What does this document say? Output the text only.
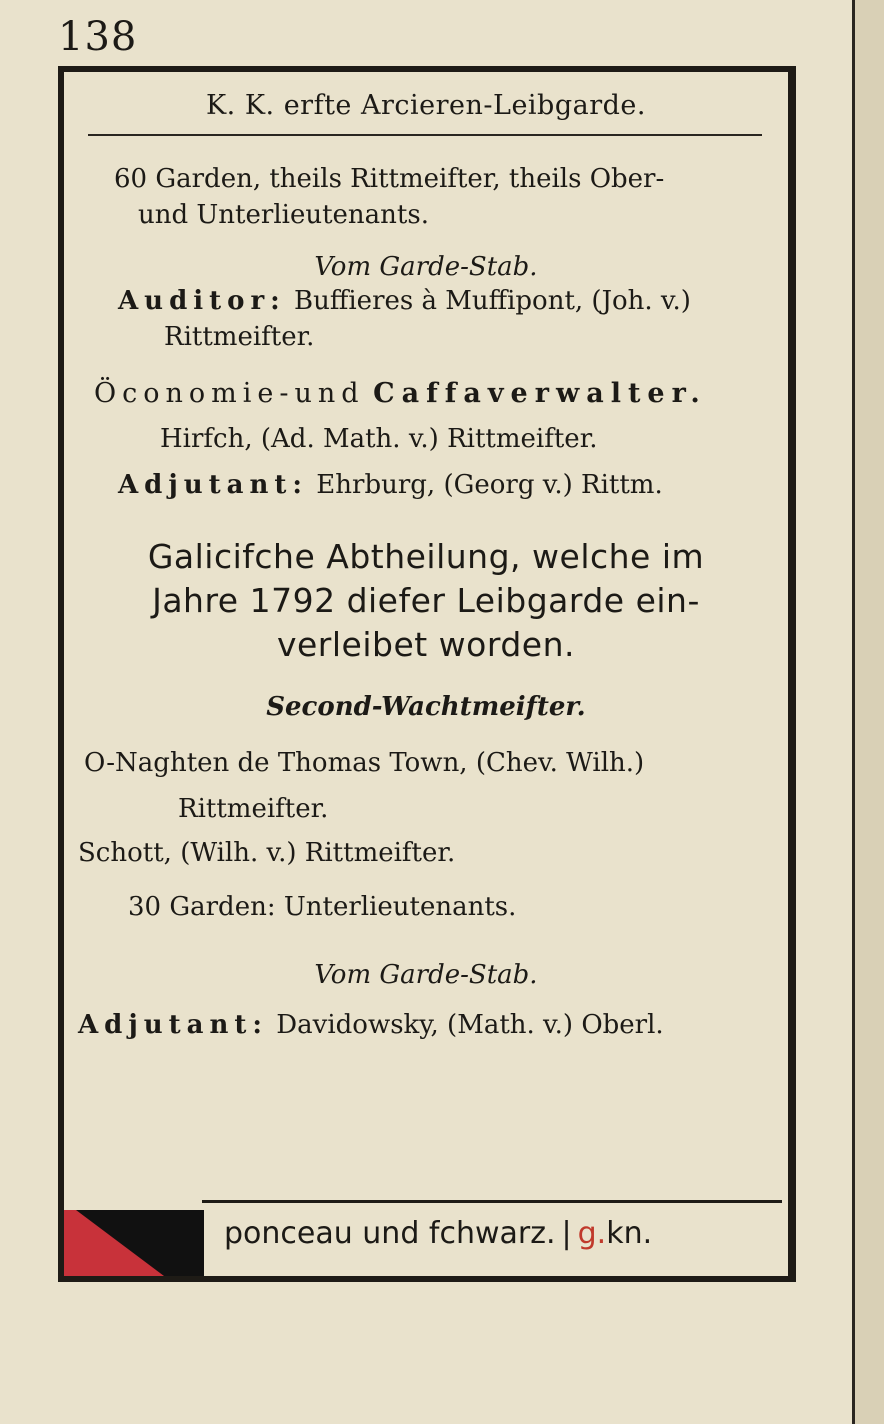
138
K. K. erfte Arcieren-Leibgarde.
60 Garden, theils Rittmeifter, theils Ober-
und Unterlieutenants.
Vom Garde-Stab.
Auditor: Buffieres à Muffipont, (Joh. v.)
Rittmeifter.
Öconomie-und Caffaverwalter.
Hirfch, (Ad. Math. v.) Rittmeifter.
Adjutant: Ehrburg, (Georg v.) Rittm.
Galicifche Abtheilung, welche im
Jahre 1792 diefer Leibgarde ein-
verleibet worden.
Second-Wachtmeifter.
O-Naghten de Thomas Town, (Chev. Wilh.)
Rittmeifter.
Schott, (Wilh. v.) Rittmeifter.
30 Garden: Unterlieutenants.
Vom Garde-Stab.
Adjutant: Davidowsky, (Math. v.) Oberl.
ponceau und fchwarz. | g.kn.
